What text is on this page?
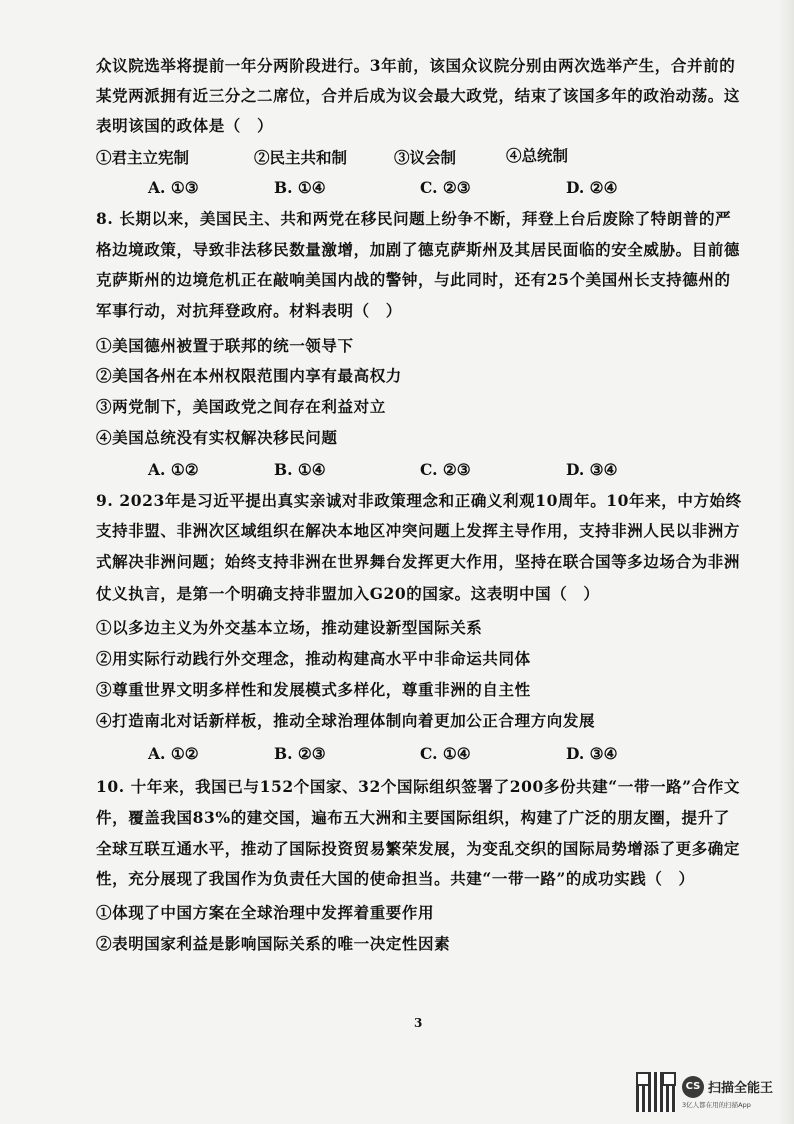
众议院选举将提前一年分两阶段进行。3年前，该国众议院分别由两次选举产生，合并前的
某党两派拥有近三分之二席位，合并后成为议会最大政党，结束了该国多年的政治动荡。这
表明该国的政体是（　）
①君主立宪制	②民主共和制	③议会制	④总统制
A. ①③	B. ①④	C. ②③	D. ②④
8. 长期以来，美国民主、共和两党在移民问题上纷争不断，拜登上台后废除了特朗普的严
格边境政策，导致非法移民数量激增，加剧了德克萨斯州及其居民面临的安全威胁。目前德
克萨斯州的边境危机正在敲响美国内战的警钟，与此同时，还有25个美国州长支持德州的
军事行动，对抗拜登政府。材料表明（　）
①美国德州被置于联邦的统一领导下
②美国各州在本州权限范围内享有最高权力
③两党制下，美国政党之间存在利益对立
④美国总统没有实权解决移民问题
A. ①②	B. ①④	C. ②③	D. ③④
9. 2023年是习近平提出真实亲诚对非政策理念和正确义利观10周年。10年来，中方始终
支持非盟、非洲次区域组织在解决本地区冲突问题上发挥主导作用，支持非洲人民以非洲方
式解决非洲问题；始终支持非洲在世界舞台发挥更大作用，坚持在联合国等多边场合为非洲
仗义执言，是第一个明确支持非盟加入G20的国家。这表明中国（　）
①以多边主义为外交基本立场，推动建设新型国际关系
②用实际行动践行外交理念，推动构建高水平中非命运共同体
③尊重世界文明多样性和发展模式多样化，尊重非洲的自主性
④打造南北对话新样板，推动全球治理体制向着更加公正合理方向发展
A. ①②	B. ②③	C. ①④	D. ③④
10. 十年来，我国已与152个国家、32个国际组织签署了200多份共建“一带一路”合作文
件，覆盖我国83%的建交国，遍布五大洲和主要国际组织，构建了广泛的朋友圈，提升了
全球互联互通水平，推动了国际投资贸易繁荣发展，为变乱交织的国际局势增添了更多确定
性，充分展现了我国作为负责任大国的使命担当。共建“一带一路”的成功实践（　）
①体现了中国方案在全球治理中发挥着重要作用
②表明国家利益是影响国际关系的唯一决定性因素
3
CS 扫描全能王
3亿人都在用的扫描App
